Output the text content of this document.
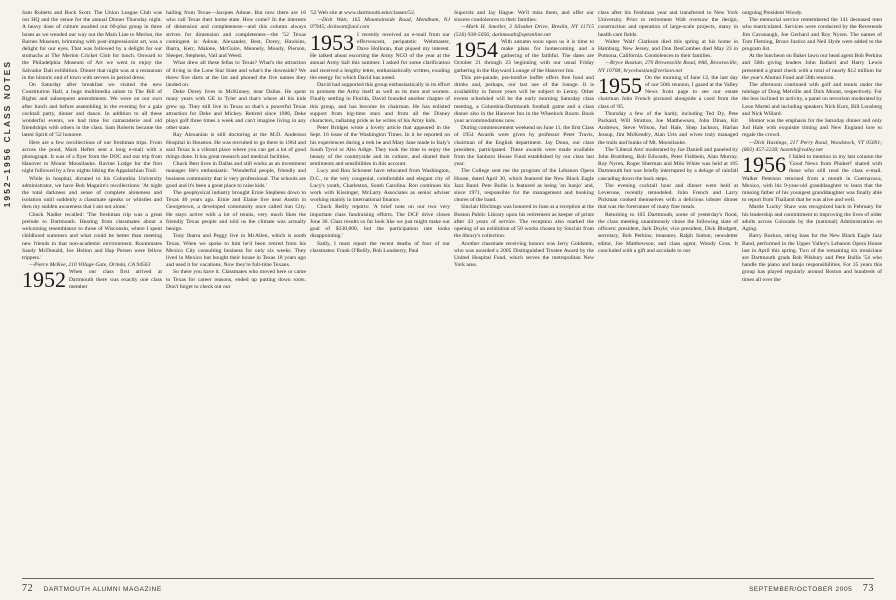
1952–1956 CLASS NOTES

Sam Roberts and Buck Scott. The Union League Club was our HQ and the venue for the annual Dinner Thursday night. A heavy dose of culture awaited our 60-plus group in three buses as we wended our way out the Main Line to Merion, the Barnes Museum, brimming with post-impressionist art, was a delight for our eyes. That was followed by a delight for our stomachs at The Merion Cricket Club for lunch. Onward to the Philadelphia Museum of Art we went to enjoy the Salvador Dali exhibition. Dinner that night was at a restaurant in the historic end of town with servers in period dress.

On Saturday after breakfast we visited the new Constitution Hall, a huge multimedia salute to The Bill of Rights and subsequent amendments. We were on our own after lunch and before assembling in the evening for a gala cocktail party, dinner and dance. In addition to all these wonderful events, we had time for camaraderie and old friendships with others in the class. Sam Roberts became the latest Spirit of '52 honoree.

Here are a few recollections of our freshman trips. From across the pond, Mark Hefter sent a long e-mail with a photograph. It was of a flyer from the DOC and our trip from Hanover to Mount Moosilauke. Ravine Lodge for the first night followed by a few nights hiking the Appalachian Trail.

While in hospital, dictated to his Columbia University administrator, we have Bob Maguire's recollections: 'At night the total darkness and sense of complete aloneness and isolation until suddenly a classmate speaks or whistles and then my sudden awareness that I am not alone.'

Chuck Nadler recalled: 'The freshman trip was a great prelude to Dartmouth. Hearing from classmates about a welcoming resemblance to those of Wisconsin, where I spent childhood summers and what could be better than meeting new friends in that non-academic environment. Roommates Sandy McDonald, Joe Holton and Hap Persen were fellow trippers.'

—Pierce McKee, 210 Village Gate, Orinda, CA 94563

1952 When our class first arrived at Dartmouth there was exactly one class member

hailing from Texas—Jacques Adoue. But now there are 16 who call Texas their home state. How come? In the interests of dimension and completeness—and this column always strives for dimension and completeness—the '52 Texas contingent is: Adoue, Alexander, Best, Dorey, Hawkins, Ibarra, Kerr, Malone, McGuire, Mennely, Moody, Pierson, Sleeper, Stephens, Vail and Weed.

What drew all these fellas to Texas? What's the attraction of living in the Lone Star State and what's the downside? We threw five darts at the list and phoned the five names they landed on.

Deke Dorey lives in McKinney, near Dallas. He spent many years with GE in Tyler and that's where all his kids grew up. They still live in Texas so that's a powerful Texas attraction for Deke and Mickey. Retired since 1986, Deke plays golf three times a week and can't imagine living in any other state.

Ray Alexanian is still doctoring at the M.D. Anderson Hospital in Houston. He was recruited to go there in 1964 and said Texas is a vibrant place where you can get a lot of good things done. It has great research and medical facilities.

Chuck Best lives in Dallas and still works as an investment manager. He's enthusiastic. 'Wonderful people, friendly and business community that is very professional. The schools are good and it's been a great place to raise kids.'

The geophysical industry brought Ernie Stephens down to Texas 40 years ago. Ernie and Elaine live near Austin in Georgetown, a developed community once called Sun City. He stays active with a lot of tennis, very much likes the friendly Texas people and told us the climate was actually benign.

Tony Ibarra and Peggy live in McAllen, which is south Texas. When we spoke to him he'd been retired from his Mexico City consulting business for only six weeks. They lived in Mexico but bought their house in Texas 18 years ago and used it for vacations. Now they're full-time Texans.

So there you have it. Classmates who moved here or came to Texas for career reasons, ended up putting down roots. Don't forget to check out our

'52 Web site at www.dartmouth.edu/classes/52.

—Dick Watt, 165 Mountainside Road, Mendham, NJ 07945; dickwatt@aol.com

1953 I recently received an e-mail from our effervescent, peripatetic Webmaster, Dave Holloran, that piqued my interest. He talked about escorting the Army NCO of the year at the annual Army ball this summer. I asked for some clarification and received a lengthy letter, enthusiastically written, exuding the energy for which David has noted.

David had supported this group enthusiastically in its effort to promote the Army itself as well as its men and women. Finally settling in Florida, David founded another chapter of this group, and has become its chairman. He has enlisted support from big-time stars and from all the Disney characters, radiating pride as he writes of his Army kids.

Peter Bridges wrote a lovely article that appeared in the Sept. 16 issue of the Washington Times. In it he reported on his experiences during a trek he and Mary Jane made to Italy's South Tyrol or Alto Adige. They took the time to enjoy the beauty of the countryside and its culture, and shared their sentiments and sensibilities in this account.

Lucy and Ron Schroeer have relocated from Washington, D.C., to the very congenial, comfortable and elegant city of Lucy's youth, Charleston, South Carolina. Ron continues his work with Kissinger, McLarty Associates as senior adviser working mainly in international finance.

Chuck Reilly reports: 'A brief note on our two very important class fundraising efforts. The DCF drive closes June 30. Class results so far look like we just might make our goal of $330,000, but the participation rate looks disappointing.'

Sadly, I must report the recent deaths of four of our classmates: Frank O'Reilly, Bob Lonsberry, Paul

Supovitz and Jay Hague. We'll miss them, and offer our sincere condolences to their families.

—Mark H. Smoller, 3 Silvabet Drive, Breslin, NY 11715 (516) 938-5056; darkmouth@optonline.net

1954 With autumn soon upon us it is time to make plans for homecoming and a gathering of the faithful. The dates are October 21 through 23 beginning with our usual Friday gathering in the Hayward Lounge of the Hanover Inn.

This pre-parade, pre-bonfire buffet offers free food and drinks and, perhaps, our last use of the lounge. It is availability in future years will be subject to Lenny. Other events scheduled will be the early morning Saturday class meeting, a Columbia-Dartmouth football game and a class dinner also in the Hanover Inn in the Wheelock Room. Book your accommodations now.

During commencement weekend on June 11, the first Class of 1954 Awards were given by professor Peter Travis, chairman of the English department. Jay Dunn, our class president, participated. These awards were made available from the Sanborn House Fund established by our class last year.

The College sent me the program of the Lebanon Opera House, dated April 30, which featured the New Black Eagle Jazz Band. Pete Bullis is featured as being 'on banjo' and, since 1971, responsible for the management and booking chores of the band.

Sinclair Hitchings was honored in June at a reception at the Boston Public Library upon his retirement as keeper of prints after 43 years of service. The reception also marked the opening of an exhibition of 50 works chosen by Sinclair from the library's collection.

Another classmate receiving honors was Jerry Goldstein, who was awarded a 2005 Distinguished Trustee Award by the United Hospital Fund, which serves the metropolitan New York area.

class after his freshman year and transferred to New York University. Prior to retirement Walt oversaw the design, construction and operation of large-scale projects, many in health care fields.

Walter 'Walt' Clarkson died this spring at his home in Hamburg, New Jersey, and Don DesCombes died May 23 in Pomona, California. Condolences to their families.

—Bryce Bastian, 270 Brownsville Road, #A6, Brownsville, NY 10708; brycebastian@verizon.net

1955 On the morning of June 12, the last day of our 50th reunion, I gazed at the Valley News front page to see our estate chairman John French pictured alongside a coed from the class of '05.

Thursday a few of the hardy, including Ted Dy, Pete Packard, Will Stratton, Joe Matthewson, John Dinan, Kit Andrews, Steve Wilson, Jud Hale, Shep Jackson, Harlan Jessup, Jim McKendry, Alan Urts and wives truly managed the trails and hunks of Mt. Moosilauke.

The 'Liberal Arts' moderated by Joe Daniell and paneled by John Bramberg, Bob Edwards, Peter Fishbein, Alan Murray, Roy Nyren, Roger Sherman and Milo White was held at 105 Dartmouth but was briefly interrupted by a deluge of rainfall cascading down the back steps.

The evening cocktail hour and dinner were held at Leverone, recently remodeled. John French and Larry Pickman cooked themselves with a delicious lobster dinner that was the forerunner of many fine meals.

Returning to 105 Dartmouth, some of yesterday's flood, the class meeting unanimously chose the following slate of officers: president, Jack Doyle; vice president, Dick Blodgett, secretary, Bob Perkins; treasurer, Ralph Sutton; newsletter editor, Joe Matthewson; and class agent, Woody Goss. It concluded with a gift and accolade to our

outgoing President Woody.

The memorial service remembered the 141 deceased men who matriculated. Services were conducted by the Reverends Jim Cavanaugh, Joe Gerhard and Roy Nyren. The names of Tom Fleming, Bruce Justice and Neil Hyde were added to the program list.

At the luncheon on Baker lawn our head agent Bob Perkins and 50th giving leaders John Ballard and Harry Lewis presented a grand check with a total of nearly $12 million for the year's Alumni Fund and 50th reunion.

The afternoon continued with golf and tennis under the tutelage of Doug Melville and Dick Mount, respectively. For the less inclined to activity, a panel on terrorism moderated by Leon Martel and including speakers Nick Kurz, Bill Lonsberg and Nick Willard.

Humor was the emphasis for the Saturday dinner and only Jud Hale with exquisite timing and New England lore to regale the crowd.

—Dick Hastings, 217 Perry Road, Woodstock, VT 05091; (802) 457-2228; hastmh@valley.net

1956 I failed to mention in my last column the 'Good News from Phuket!' shared with those who still read the class e-mail. Walker Peterson returned from a month in Cuernavaca, Mexico, with his 9-year-old granddaughter to learn that the missing father of his youngest granddaughter was finally able to report from Thailand that he was alive and well.

Martie 'Lucky' Shaw was recognized back in February for his leadership and commitment to improving the lives of older adults across Colorado by the (national) Administration on Aging.

Barry Bockus, string bass for the New Black Eagle Jazz Band, performed in the Upper Valley's Lebanon Opera House last in April this spring. Two of the remaining six musicians are Dartmouth grads Bob Pilsbury and Pete Bullis '54 who handle the piano and banjo responsibilities. For 35 years this group has played regularly around Boston and hundreds of times all over the

72 DARTMOUTH ALUMNI MAGAZINE	SEPTEMBER/OCTOBER 2005 73
